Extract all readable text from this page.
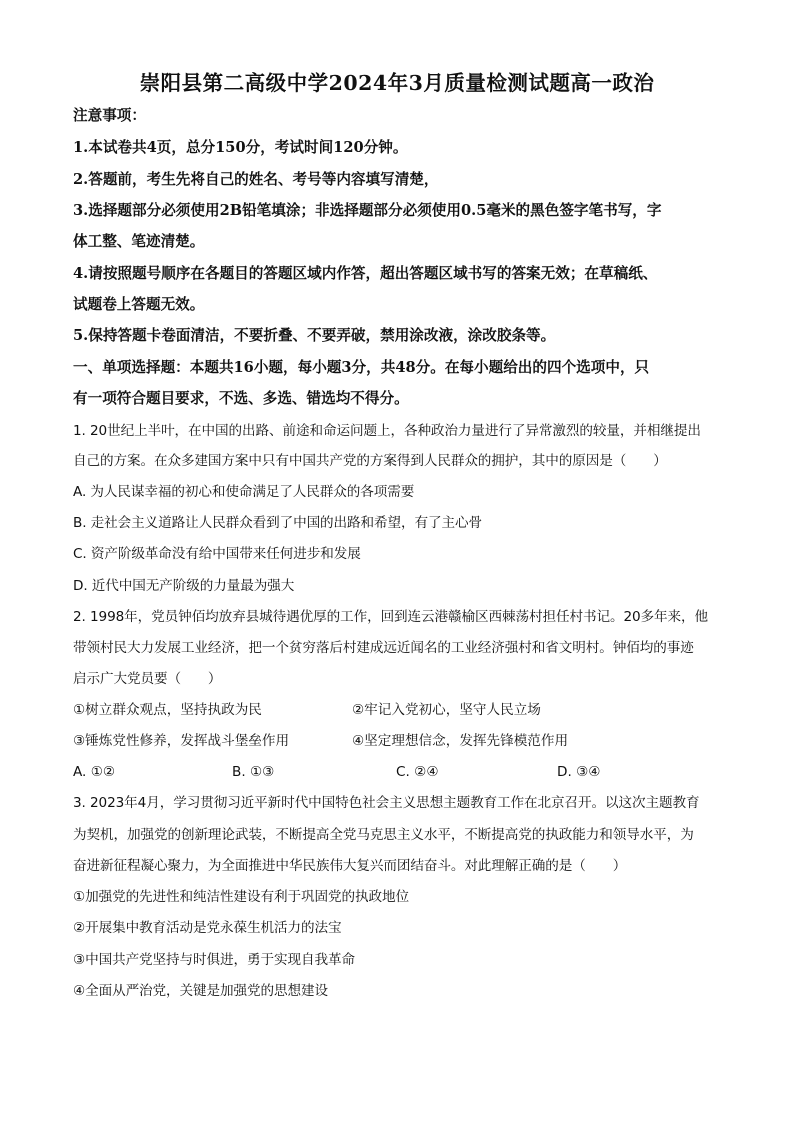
崇阳县第二高级中学2024年3月质量检测试题高一政治
注意事项：
1.本试卷共4页，总分150分，考试时间120分钟。
2.答题前，考生先将自己的姓名、考号等内容填写清楚，
3.选择题部分必须使用2B铅笔填涂；非选择题部分必须使用0.5毫米的黑色签字笔书写，字
体工整、笔迹清楚。
4.请按照题号顺序在各题目的答题区域内作答，超出答题区域书写的答案无效；在草稿纸、
试题卷上答题无效。
5.保持答题卡卷面清洁，不要折叠、不要弄破，禁用涂改液，涂改胶条等。
一、单项选择题：本题共16小题，每小题3分，共48分。在每小题给出的四个选项中，只
有一项符合题目要求，不选、多选、错选均不得分。
1. 20世纪上半叶，在中国的出路、前途和命运问题上，各种政治力量进行了异常激烈的较量，并相继提出
自己的方案。在众多建国方案中只有中国共产党的方案得到人民群众的拥护，其中的原因是（　　）
A. 为人民谋幸福的初心和使命满足了人民群众的各项需要
B. 走社会主义道路让人民群众看到了中国的出路和希望，有了主心骨
C. 资产阶级革命没有给中国带来任何进步和发展
D. 近代中国无产阶级的力量最为强大
2. 1998年，党员钟佰均放弃县城待遇优厚的工作，回到连云港赣榆区西棘荡村担任村书记。20多年来，他
带领村民大力发展工业经济，把一个贫穷落后村建成远近闻名的工业经济强村和省文明村。钟佰均的事迹
启示广大党员要（　　）
①树立群众观点，坚持执政为民	②牢记入党初心，坚守人民立场
③锤炼党性修养，发挥战斗堡垒作用	④坚定理想信念，发挥先锋模范作用
A. ①②	B. ①③	C. ②④	D. ③④
3. 2023年4月，学习贯彻习近平新时代中国特色社会主义思想主题教育工作在北京召开。以这次主题教育
为契机，加强党的创新理论武装，不断提高全党马克思主义水平，不断提高党的执政能力和领导水平，为
奋进新征程凝心聚力，为全面推进中华民族伟大复兴而团结奋斗。对此理解正确的是（　　）
①加强党的先进性和纯洁性建设有利于巩固党的执政地位
②开展集中教育活动是党永葆生机活力的法宝
③中国共产党坚持与时俱进，勇于实现自我革命
④全面从严治党，关键是加强党的思想建设
